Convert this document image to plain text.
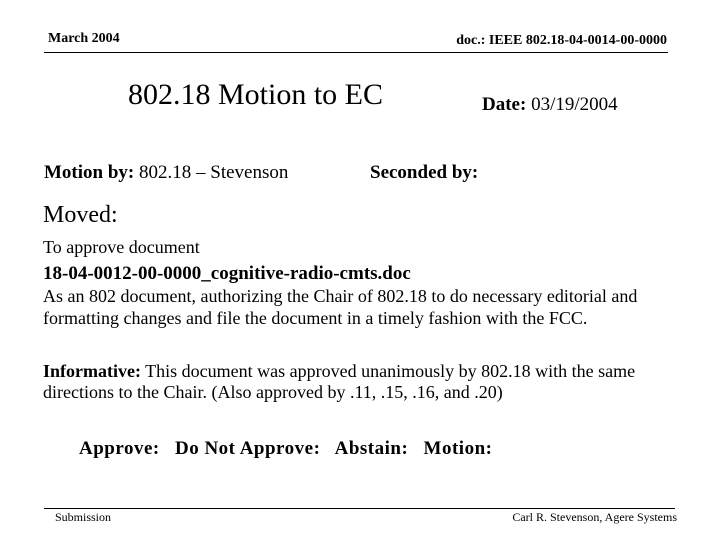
March 2004	doc.: IEEE 802.18-04-0014-00-0000
802.18 Motion to EC	Date: 03/19/2004
Motion by: 802.18 – Stevenson	Seconded by:
Moved:
To approve document
18-04-0012-00-0000_cognitive-radio-cmts.doc
As an 802 document, authorizing the Chair of 802.18 to do necessary editorial and formatting changes and file the document in a timely fashion with the FCC.
Informative: This document was approved unanimously by 802.18 with the same directions to the Chair. (Also approved by .11, .15, .16, and .20)
Approve: Do Not Approve: Abstain: Motion:
Submission	Carl R. Stevenson, Agere Systems
